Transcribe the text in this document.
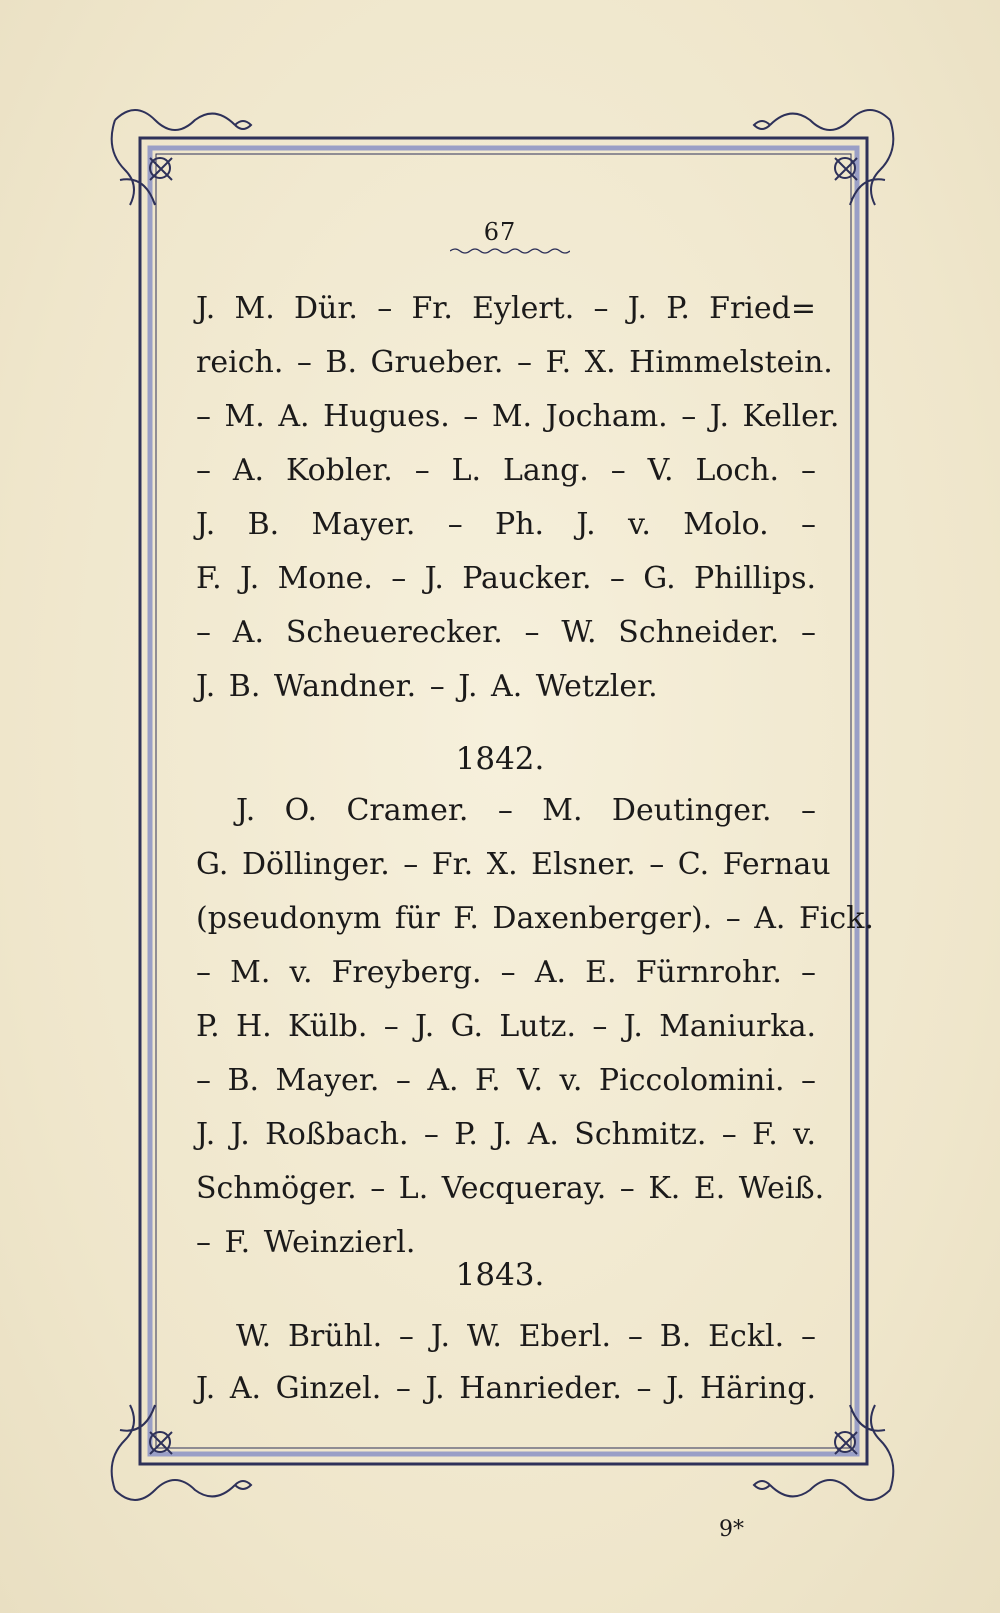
67
J. M. Dür. – Fr. Eylert. – J. P. Fried=
reich. – B. Grueber. – F. X. Himmelstein.
– M. A. Hugues. – M. Jocham. – J. Keller.
– A. Kobler. – L. Lang. – V. Loch. –
J. B. Mayer. – Ph. J. v. Molo. –
F. J. Mone. – J. Paucker. – G. Phillips.
– A. Scheuerecker. – W. Schneider. –
J. B. Wandner. – J. A. Wetzler.
1842.
J. O. Cramer. – M. Deutinger. –
G. Döllinger. – Fr. X. Elsner. – C. Fernau
(pseudonym für F. Daxenberger). – A. Fick.
– M. v. Freyberg. – A. E. Fürnrohr. –
P. H. Külb. – J. G. Lutz. – J. Maniurka.
– B. Mayer. – A. F. V. v. Piccolomini. –
J. J. Roßbach. – P. J. A. Schmitz. – F. v.
Schmöger. – L. Vecqueray. – K. E. Weiß.
– F. Weinzierl.
1843.
W. Brühl. – J. W. Eberl. – B. Eckl. –
J. A. Ginzel. – J. Hanrieder. – J. Häring.
9*
